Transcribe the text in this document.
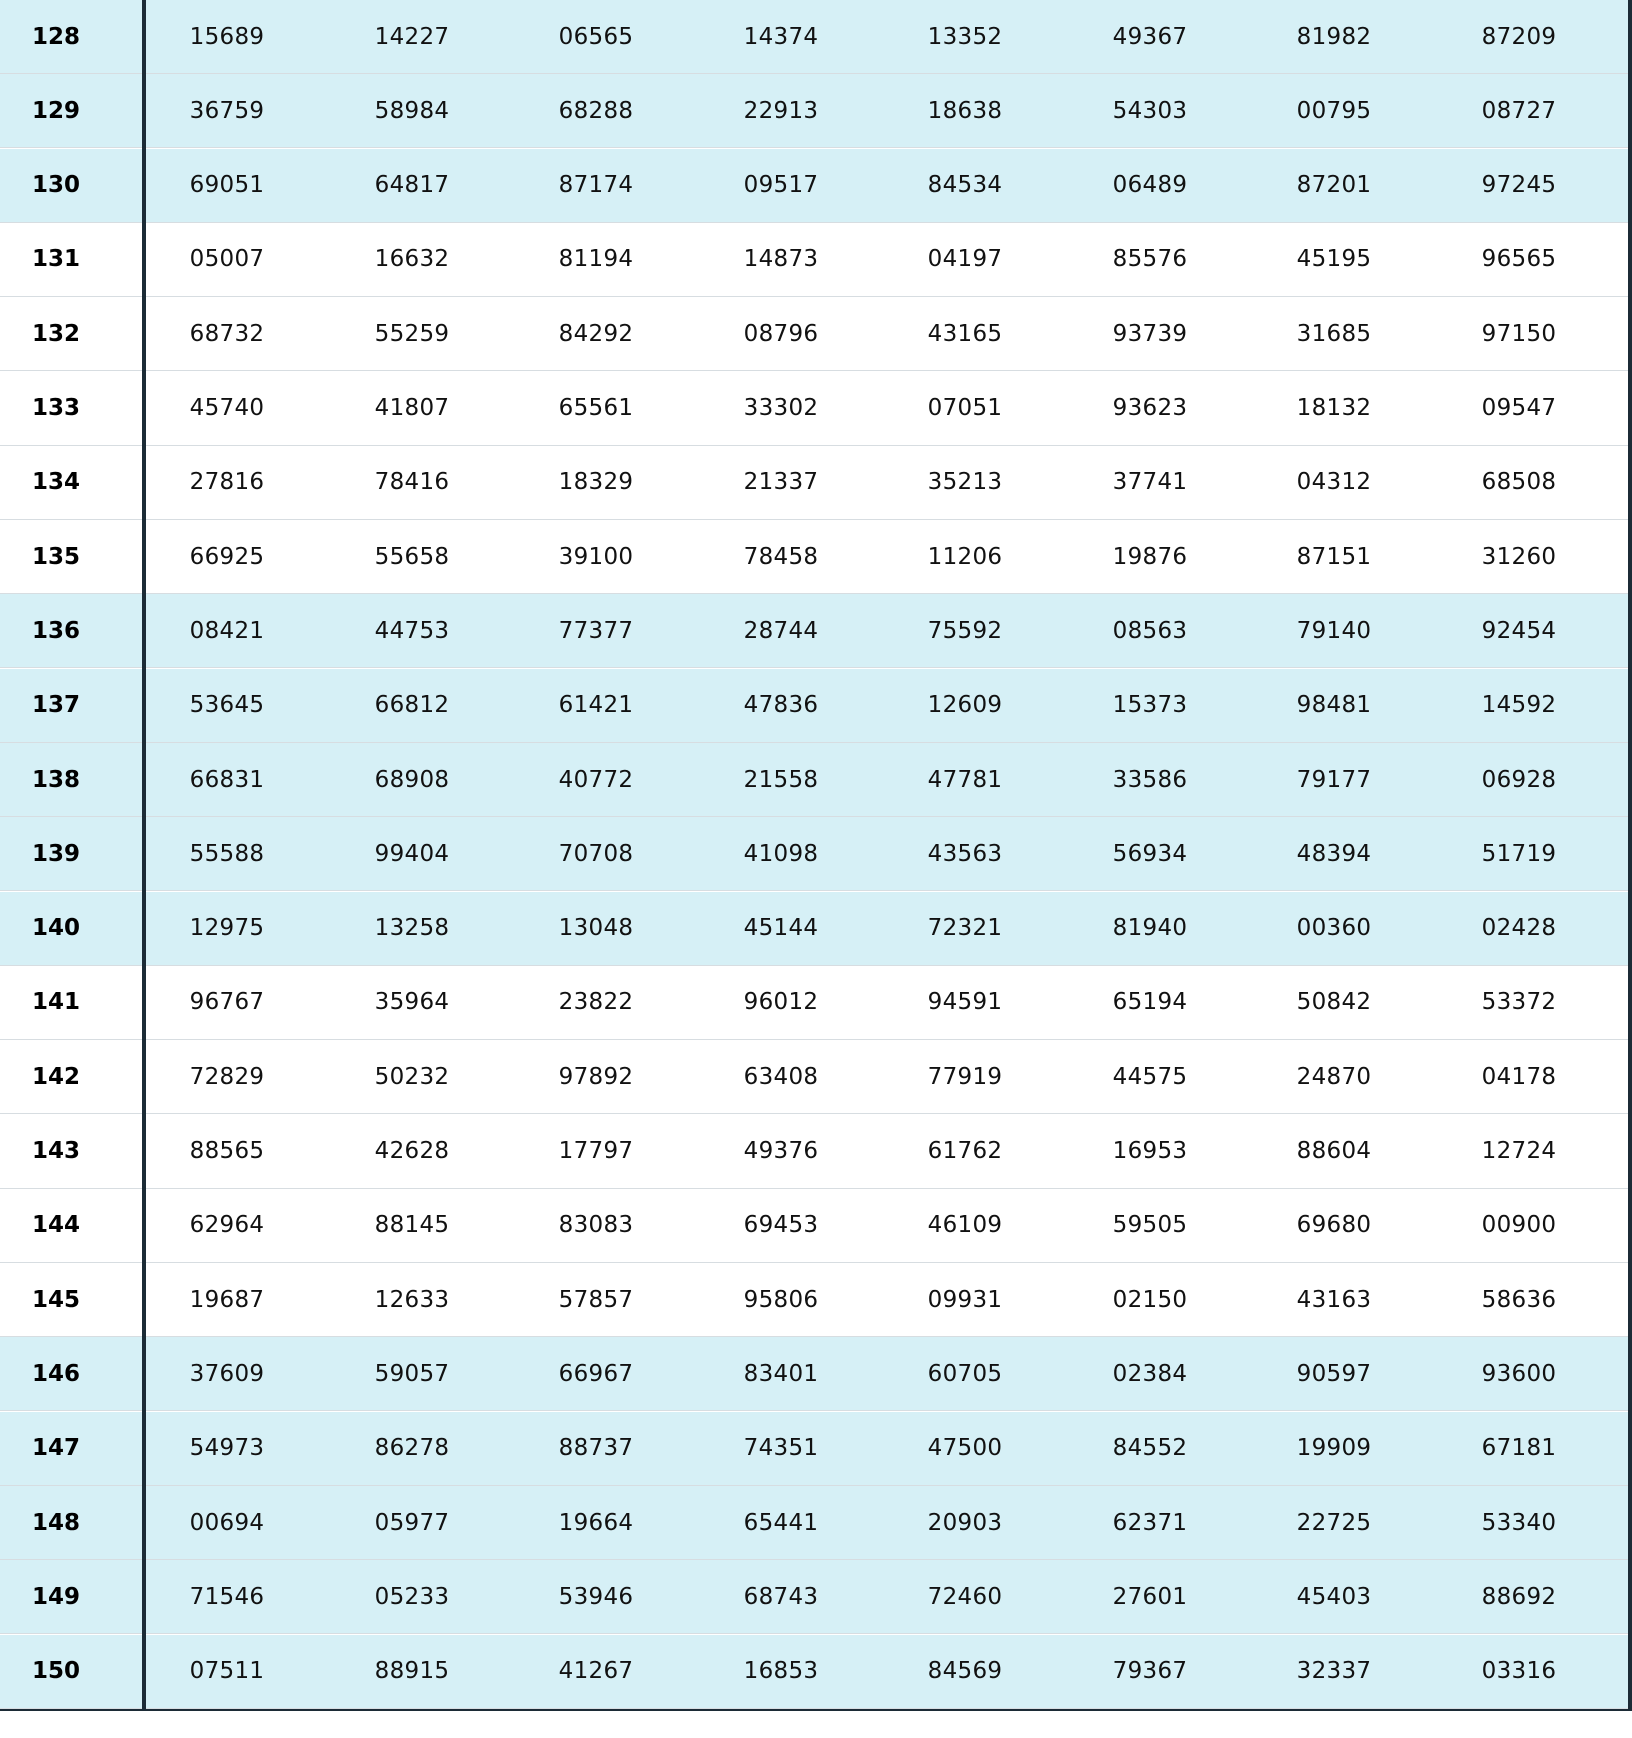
128	15689	14227	06565	14374	13352	49367	81982	87209
129	36759	58984	68288	22913	18638	54303	00795	08727
130	69051	64817	87174	09517	84534	06489	87201	97245
131	05007	16632	81194	14873	04197	85576	45195	96565
132	68732	55259	84292	08796	43165	93739	31685	97150
133	45740	41807	65561	33302	07051	93623	18132	09547
134	27816	78416	18329	21337	35213	37741	04312	68508
135	66925	55658	39100	78458	11206	19876	87151	31260
136	08421	44753	77377	28744	75592	08563	79140	92454
137	53645	66812	61421	47836	12609	15373	98481	14592
138	66831	68908	40772	21558	47781	33586	79177	06928
139	55588	99404	70708	41098	43563	56934	48394	51719
140	12975	13258	13048	45144	72321	81940	00360	02428
141	96767	35964	23822	96012	94591	65194	50842	53372
142	72829	50232	97892	63408	77919	44575	24870	04178
143	88565	42628	17797	49376	61762	16953	88604	12724
144	62964	88145	83083	69453	46109	59505	69680	00900
145	19687	12633	57857	95806	09931	02150	43163	58636
146	37609	59057	66967	83401	60705	02384	90597	93600
147	54973	86278	88737	74351	47500	84552	19909	67181
148	00694	05977	19664	65441	20903	62371	22725	53340
149	71546	05233	53946	68743	72460	27601	45403	88692
150	07511	88915	41267	16853	84569	79367	32337	03316
